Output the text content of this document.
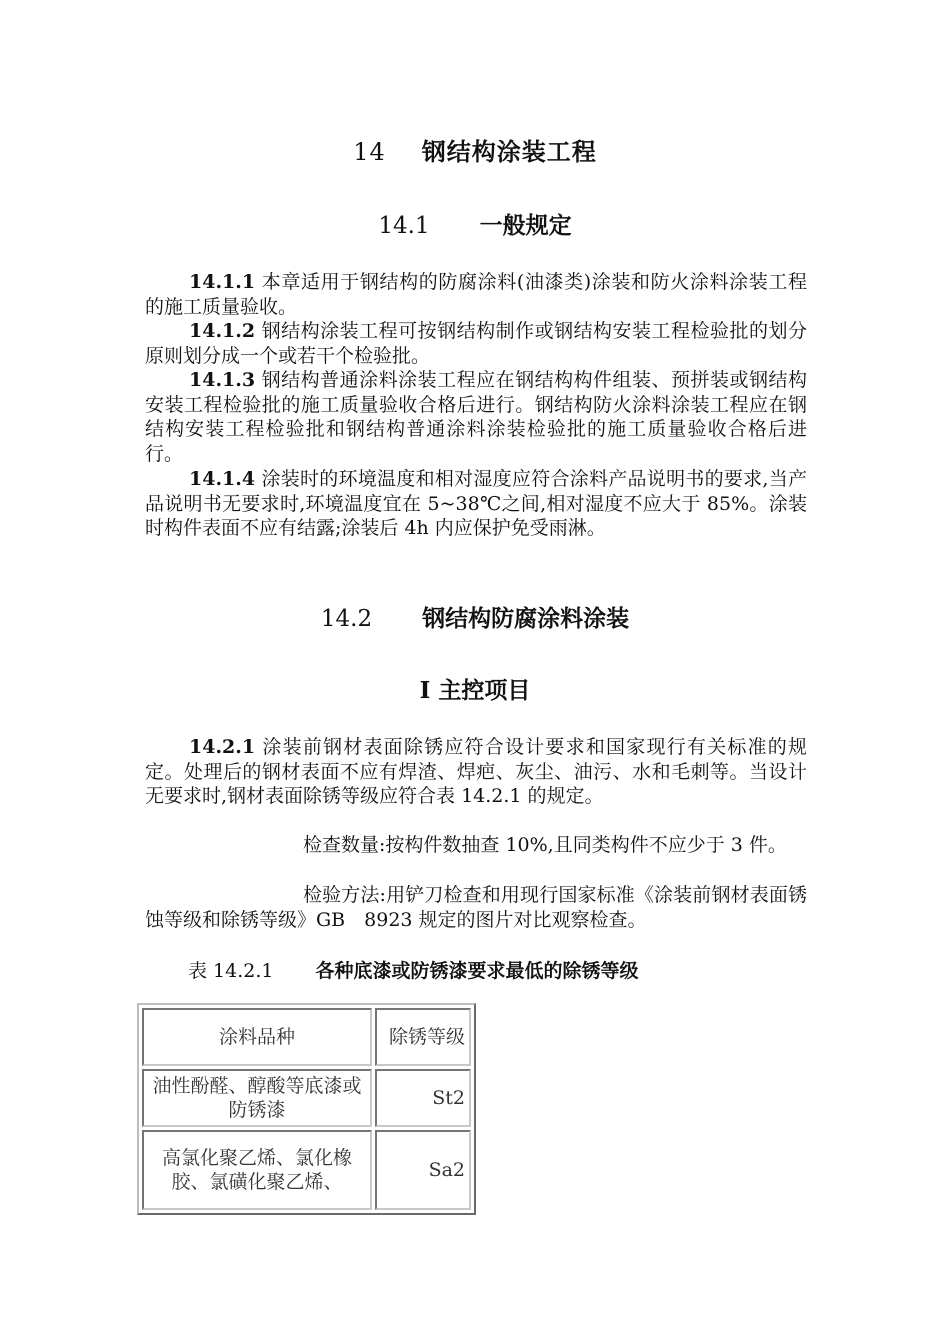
14 钢结构涂装工程
14.1 一般规定
14.1.1 本章适用于钢结构的防腐涂料(油漆类)涂装和防火涂料涂装工程的施工质量验收。
14.1.2 钢结构涂装工程可按钢结构制作或钢结构安装工程检验批的划分原则划分成一个或若干个检验批。
14.1.3 钢结构普通涂料涂装工程应在钢结构构件组装、预拼装或钢结构安装工程检验批的施工质量验收合格后进行。钢结构防火涂料涂装工程应在钢结构安装工程检验批和钢结构普通涂料涂装检验批的施工质量验收合格后进行。
14.1.4 涂装时的环境温度和相对湿度应符合涂料产品说明书的要求,当产品说明书无要求时,环境温度宜在 5~38℃之间,相对湿度不应大于 85%。涂装时构件表面不应有结露;涂装后 4h 内应保护免受雨淋。
14.2 钢结构防腐涂料涂装
Ⅰ 主控项目
14.2.1 涂装前钢材表面除锈应符合设计要求和国家现行有关标准的规定。处理后的钢材表面不应有焊渣、焊疤、灰尘、油污、水和毛刺等。当设计无要求时,钢材表面除锈等级应符合表 14.2.1 的规定。
检查数量:按构件数抽查 10%,且同类构件不应少于 3 件。
检验方法:用铲刀检查和用现行国家标准《涂装前钢材表面锈蚀等级和除锈等级》GB　8923 规定的图片对比观察检查。
表 14.2.1 各种底漆或防锈漆要求最低的除锈等级
涂料品种	除锈等级
油性酚醛、醇酸等底漆或防锈漆	St2
高氯化聚乙烯、氯化橡胶、氯磺化聚乙烯、	Sa2
